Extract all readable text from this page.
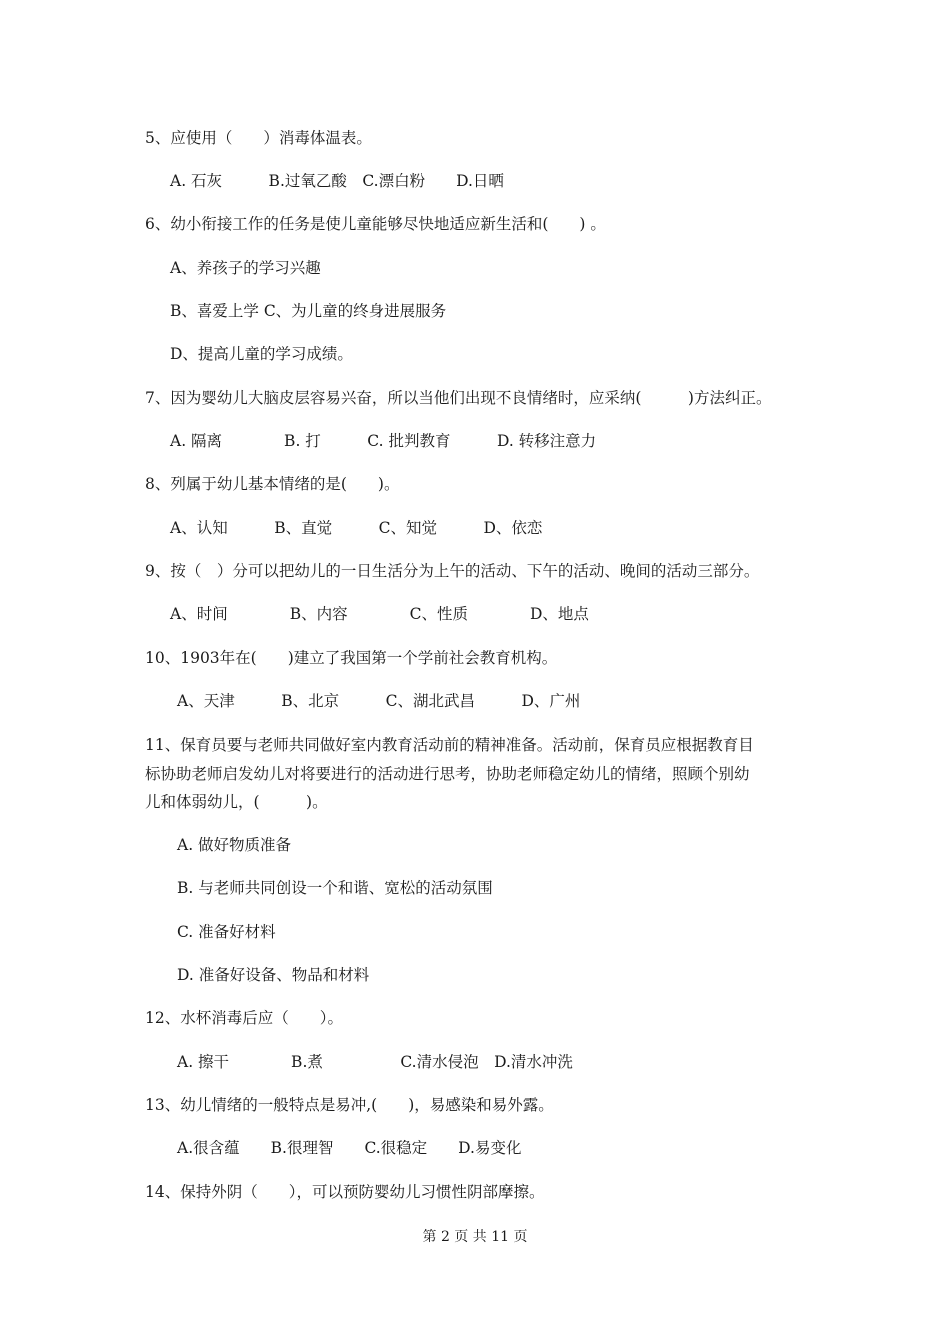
5、应使用（　　）消毒体温表。
A. 石灰　　　B.过氧乙酸　C.漂白粉　　D.日晒
6、幼小衔接工作的任务是使儿童能够尽快地适应新生活和(　　) 。
A、养孩子的学习兴趣
B、喜爱上学 C、为儿童的终身进展服务
D、提高儿童的学习成绩。
7、因为婴幼儿大脑皮层容易兴奋，所以当他们出现不良情绪时，应采纳(　　　)方法纠正。
A. 隔离　　　　B. 打　　　C. 批判教育　　　D. 转移注意力
8、列属于幼儿基本情绪的是(　　)。
A、认知　　　B、直觉　　　C、知觉　　　D、依恋
9、按（　）分可以把幼儿的一日生活分为上午的活动、下午的活动、晚间的活动三部分。
A、时间　　　　B、内容　　　　C、性质　　　　D、地点
10、1903年在(　　)建立了我国第一个学前社会教育机构。
A、天津　　　B、北京　　　C、湖北武昌　　　D、广州
11、保育员要与老师共同做好室内教育活动前的精神准备。活动前，保育员应根据教育目
标协助老师启发幼儿对将要进行的活动进行思考，协助老师稳定幼儿的情绪，照顾个别幼
儿和体弱幼儿，(　　　)。
A. 做好物质准备
B. 与老师共同创设一个和谐、宽松的活动氛围
C. 准备好材料
D. 准备好设备、物品和材料
12、水杯消毒后应（　　）。
A. 擦干　　　　B.煮　　　　　C.清水侵泡　D.清水冲洗
13、幼儿情绪的一般特点是易冲,(　　)，易感染和易外露。
A.很含蕴　　B.很理智　　C.很稳定　　D.易变化
14、保持外阴（　　），可以预防婴幼儿习惯性阴部摩擦。
第 2 页 共 11 页
